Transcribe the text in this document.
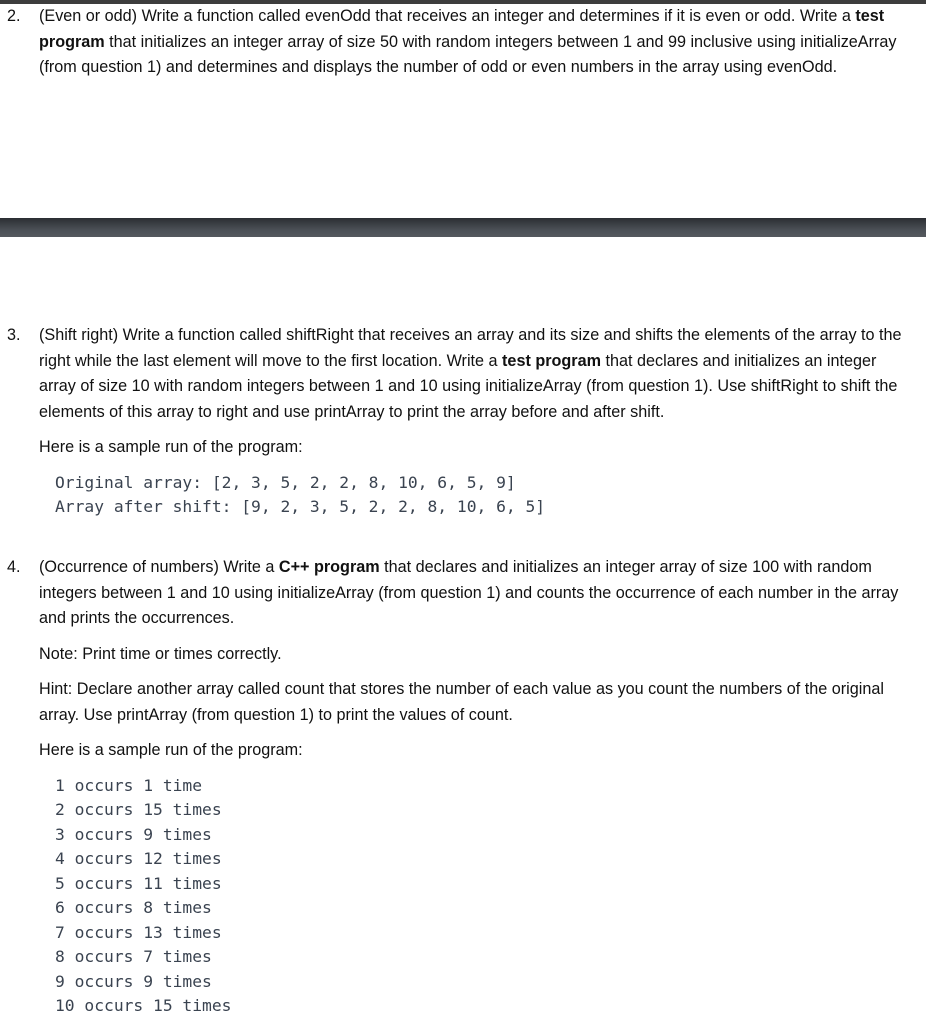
2. (Even or odd) Write a function called evenOdd that receives an integer and determines if it is even or odd. Write a test program that initializes an integer array of size 50 with random integers between 1 and 99 inclusive using initializeArray (from question 1) and determines and displays the number of odd or even numbers in the array using evenOdd.

3. (Shift right) Write a function called shiftRight that receives an array and its size and shifts the elements of the array to the right while the last element will move to the first location. Write a test program that declares and initializes an integer array of size 10 with random integers between 1 and 10 using initializeArray (from question 1). Use shiftRight to shift the elements of this array to right and use printArray to print the array before and after shift.

Here is a sample run of the program:

Original array: [2, 3, 5, 2, 2, 8, 10, 6, 5, 9]
Array after shift: [9, 2, 3, 5, 2, 2, 8, 10, 6, 5]
4. (Occurrence of numbers) Write a C++ program that declares and initializes an integer array of size 100 with random integers between 1 and 10 using initializeArray (from question 1) and counts the occurrence of each number in the array and prints the occurrences.

Note: Print time or times correctly.

Hint: Declare another array called count that stores the number of each value as you count the numbers of the original array. Use printArray (from question 1) to print the values of count.

Here is a sample run of the program:

1 occurs 1 time
2 occurs 15 times
3 occurs 9 times
4 occurs 12 times
5 occurs 11 times
6 occurs 8 times
7 occurs 13 times
8 occurs 7 times
9 occurs 9 times
10 occurs 15 times
